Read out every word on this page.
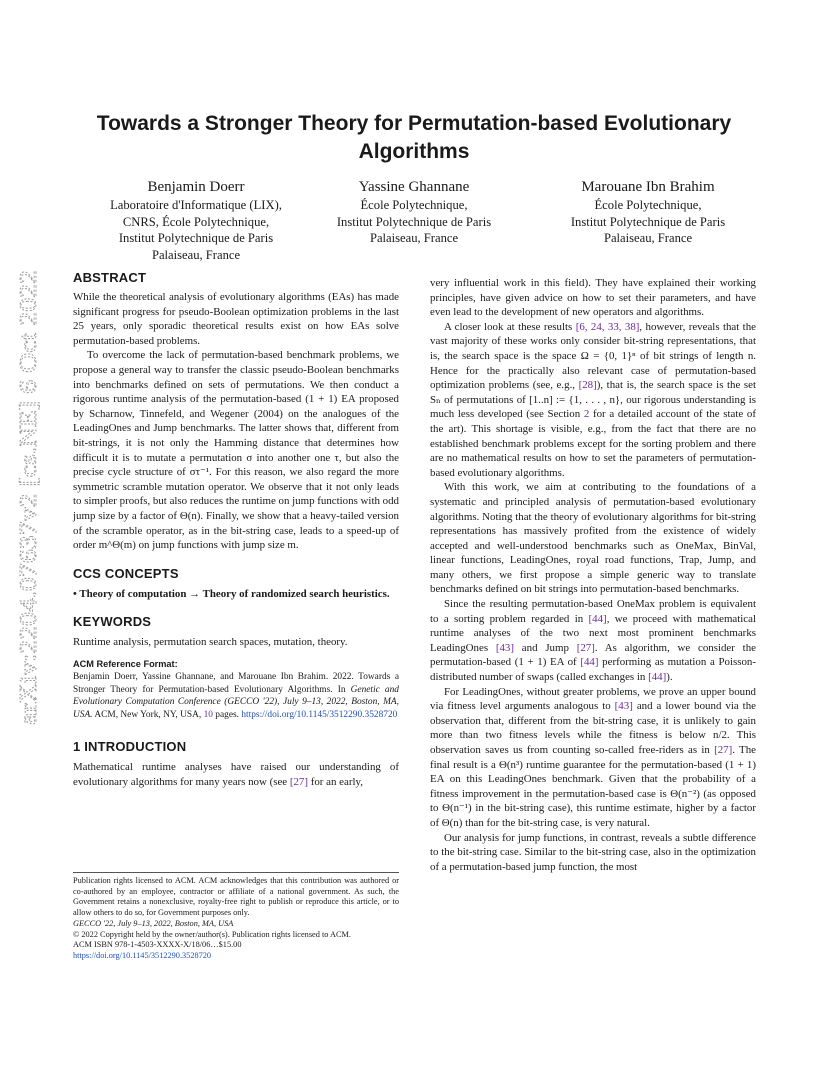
Towards a Stronger Theory for Permutation-based Evolutionary Algorithms
Benjamin Doerr
Laboratoire d'Informatique (LIX),
CNRS, École Polytechnique,
Institut Polytechnique de Paris
Palaiseau, France
Yassine Ghannane
École Polytechnique,
Institut Polytechnique de Paris
Palaiseau, France
Marouane Ibn Brahim
École Polytechnique,
Institut Polytechnique de Paris
Palaiseau, France
arXiv:2204.07637v2 [cs.NE] 6 Oct 2022

ABSTRACT

While the theoretical analysis of evolutionary algorithms (EAs) has made significant progress for pseudo-Boolean optimization problems in the last 25 years, only sporadic theoretical results exist on how EAs solve permutation-based problems.

To overcome the lack of permutation-based benchmark problems, we propose a general way to transfer the classic pseudo-Boolean benchmarks into benchmarks defined on sets of permutations. We then conduct a rigorous runtime analysis of the permutation-based (1 + 1) EA proposed by Scharnow, Tinnefeld, and Wegener (2004) on the analogues of the LeadingOnes and Jump benchmarks. The latter shows that, different from bit-strings, it is not only the Hamming distance that determines how difficult it is to mutate a permutation σ into another one τ, but also the precise cycle structure of στ⁻¹. For this reason, we also regard the more symmetric scramble mutation operator. We observe that it not only leads to simpler proofs, but also reduces the runtime on jump functions with odd jump size by a factor of Θ(n). Finally, we show that a heavy-tailed version of the scramble operator, as in the bit-string case, leads to a speed-up of order m^Θ(m) on jump functions with jump size m.

CCS CONCEPTS

• Theory of computation → Theory of randomized search heuristics.

KEYWORDS

Runtime analysis, permutation search spaces, mutation, theory.

ACM Reference Format:

Benjamin Doerr, Yassine Ghannane, and Marouane Ibn Brahim. 2022. Towards a Stronger Theory for Permutation-based Evolutionary Algorithms. In Genetic and Evolutionary Computation Conference (GECCO '22), July 9–13, 2022, Boston, MA, USA. ACM, New York, NY, USA, 10 pages. https://doi.org/10.1145/3512290.3528720

1 INTRODUCTION

Mathematical runtime analyses have raised our understanding of evolutionary algorithms for many years now (see [27] for an early,

Publication rights licensed to ACM. ACM acknowledges that this contribution was authored or co-authored by an employee, contractor or affiliate of a national government. As such, the Government retains a nonexclusive, royalty-free right to publish or reproduce this article, or to allow others to do so, for Government purposes only.

GECCO '22, July 9–13, 2022, Boston, MA, USA

© 2022 Copyright held by the owner/author(s). Publication rights licensed to ACM.

ACM ISBN 978-1-4503-XXXX-X/18/06…$15.00

https://doi.org/10.1145/3512290.3528720

very influential work in this field). They have explained their working principles, have given advice on how to set their parameters, and have even lead to the development of new operators and algorithms.

A closer look at these results [6, 24, 33, 38], however, reveals that the vast majority of these works only consider bit-string representations, that is, the search space is the space Ω = {0, 1}ⁿ of bit strings of length n. Hence for the practically also relevant case of permutation-based optimization problems (see, e.g., [28]), that is, the search space is the set Sₙ of permutations of [1..n] := {1, . . . , n}, our rigorous understanding is much less developed (see Section 2 for a detailed account of the state of the art). This shortage is visible, e.g., from the fact that there are no established benchmark problems except for the sorting problem and there are no mathematical results on how to set the parameters of permutation-based evolutionary algorithms.

With this work, we aim at contributing to the foundations of a systematic and principled analysis of permutation-based evolutionary algorithms. Noting that the theory of evolutionary algorithms for bit-string representations has massively profited from the existence of widely accepted and well-understood benchmarks such as OneMax, BinVal, linear functions, LeadingOnes, royal road functions, Trap, Jump, and many others, we first propose a simple generic way to translate benchmarks defined on bit strings into permutation-based benchmarks.

Since the resulting permutation-based OneMax problem is equivalent to a sorting problem regarded in [44], we proceed with mathematical runtime analyses of the two next most prominent benchmarks LeadingOnes [43] and Jump [27]. As algorithm, we consider the permutation-based (1 + 1) EA of [44] performing as mutation a Poisson-distributed number of swaps (called exchanges in [44]).

For LeadingOnes, without greater problems, we prove an upper bound via fitness level arguments analogous to [43] and a lower bound via the observation that, different from the bit-string case, it is unlikely to gain more than two fitness levels while the fitness is below n/2. This observation saves us from counting so-called free-riders as in [27]. The final result is a Θ(n³) runtime guarantee for the permutation-based (1 + 1) EA on this LeadingOnes benchmark. Given that the probability of a fitness improvement in the permutation-based case is Θ(n⁻²) (as opposed to Θ(n⁻¹) in the bit-string case), this runtime estimate, higher by a factor of Θ(n) than for the bit-string case, is very natural.

Our analysis for jump functions, in contrast, reveals a subtle difference to the bit-string case. Similar to the bit-string case, also in the optimization of a permutation-based jump function, the most
